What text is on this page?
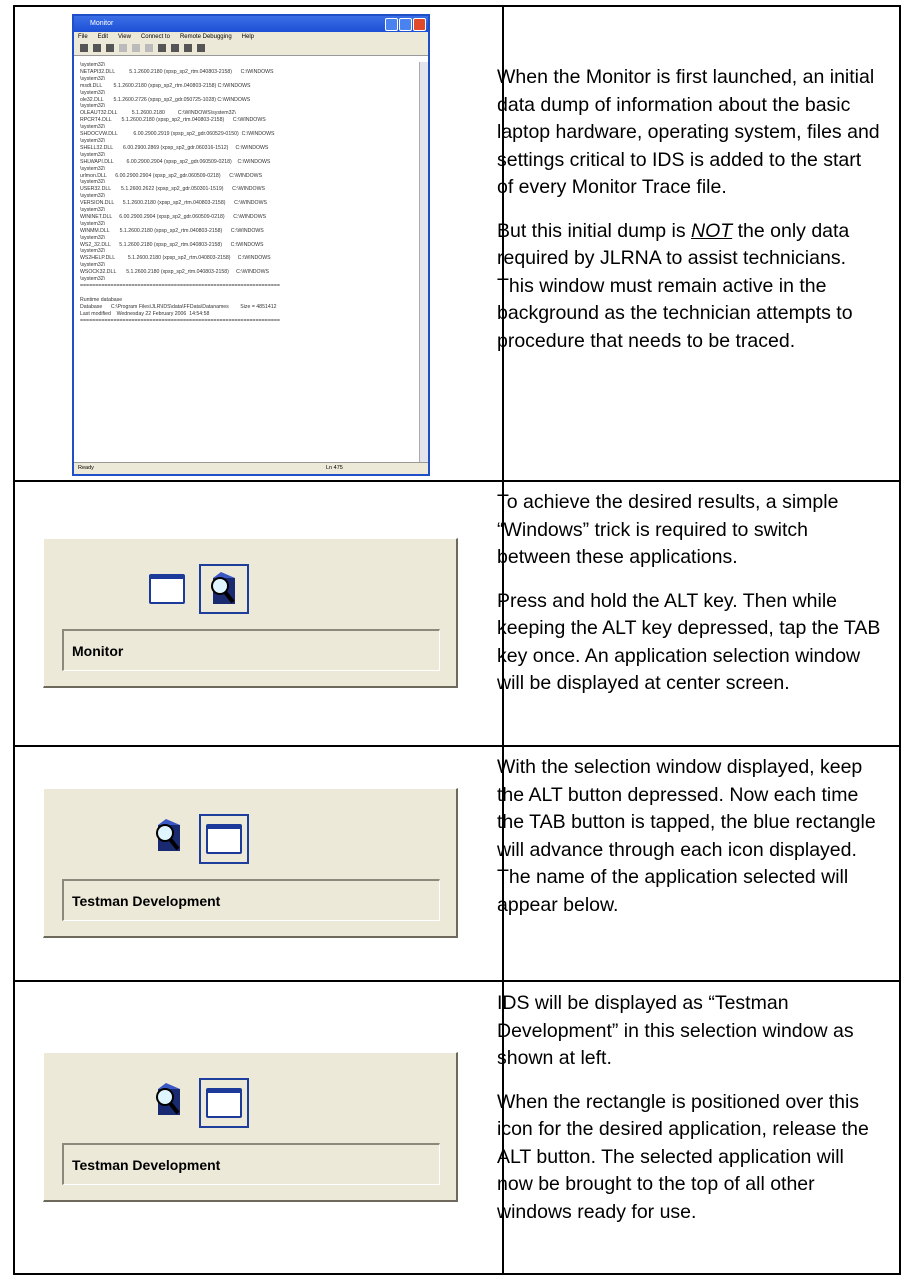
Monitor
File Edit View Connect to Remote Debugging Help
\system32\
NETAPI32.DLL          5.1.2600.2180 (xpsp_sp2_rtm.040803-2158)      C:\WINDOWS
\system32\
msdt.DLL        5.1.2600.2180 (xpsp_sp2_rtm.040803-2158) C:\WINDOWS
\system32\
ole32.DLL       5.1.2600.2726 (xpsp_sp2_gdr.050725-1028) C:\WINDOWS
\system32\
OLEAUT32.DLL          5.1.2600.2180         C:\WINDOWS\system32\
RPCRT4.DLL       5.1.2600.2180 (xpsp_sp2_rtm.040803-2158)      C:\WINDOWS
\system32\
SHDOCVW.DLL           6.00.2900.2919 (xpsp_sp2_gdr.060529-0150)  C:\WINDOWS
\system32\
SHELL32.DLL       6.00.2900.2869 (xpsp_sp2_gdr.060316-1512)     C:\WINDOWS
\system32\
SHLWAPI.DLL         6.00.2900.2904 (xpsp_sp2_gdr.060509-0218)    C:\WINDOWS
\system32\
urlmon.DLL      6.00.2900.2904 (xpsp_sp2_gdr.060509-0218)      C:\WINDOWS
\system32\
USER32.DLL       5.1.2600.2622 (xpsp_sp2_gdr.050301-1519)      C:\WINDOWS
\system32\
VERSION.DLL      5.1.2600.2180 (xpsp_sp2_rtm.040803-2158)      C:\WINDOWS
\system32\
WININET.DLL     6.00.2900.2904 (xpsp_sp2_gdr.060509-0218)      C:\WINDOWS
\system32\
WINMM.DLL       5.1.2600.2180 (xpsp_sp2_rtm.040803-2158)      C:\WINDOWS
\system32\
WS2_32.DLL      5.1.2600.2180 (xpsp_sp2_rtm.040803-2158)      C:\WINDOWS
\system32\
WS2HELP.DLL         5.1.2600.2180 (xpsp_sp2_rtm.040803-2158)     C:\WINDOWS
\system32\
WSOCK32.DLL       5.1.2600.2180 (xpsp_sp2_rtm.040803-2158)     C:\WINDOWS
\system32\
==================================================================

Runtime database
Database      C:\Program Files\JLR\IDS\data\FFData\Datanames        Size = 4851412
Last modified    Wednesday 22 February 2006  14:54:58
==================================================================
Ready	Ln 475

When the Monitor is first launched, an initial data dump of information about the basic laptop hardware, operating system, files and settings critical to IDS is added to the start of every Monitor Trace file.

But this initial dump is NOT the only data required by JLRNA to assist technicians. This window must remain active in the background as the technician attempts to procedure that needs to be traced.

Monitor

To achieve the desired results, a simple “Windows” trick is required to switch between these applications.

Press and hold the ALT key. Then while keeping the ALT key depressed, tap the TAB key once. An application selection window will be displayed at center screen.

Testman Development

With the selection window displayed, keep the ALT button depressed. Now each time the TAB button is tapped, the blue rectangle will advance through each icon displayed. The name of the application selected will appear below.

Testman Development

IDS will be displayed as “Testman Development” in this selection window as shown at left.

When the rectangle is positioned over this icon for the desired application, release the ALT button. The selected application will now be brought to the top of all other windows ready for use.
